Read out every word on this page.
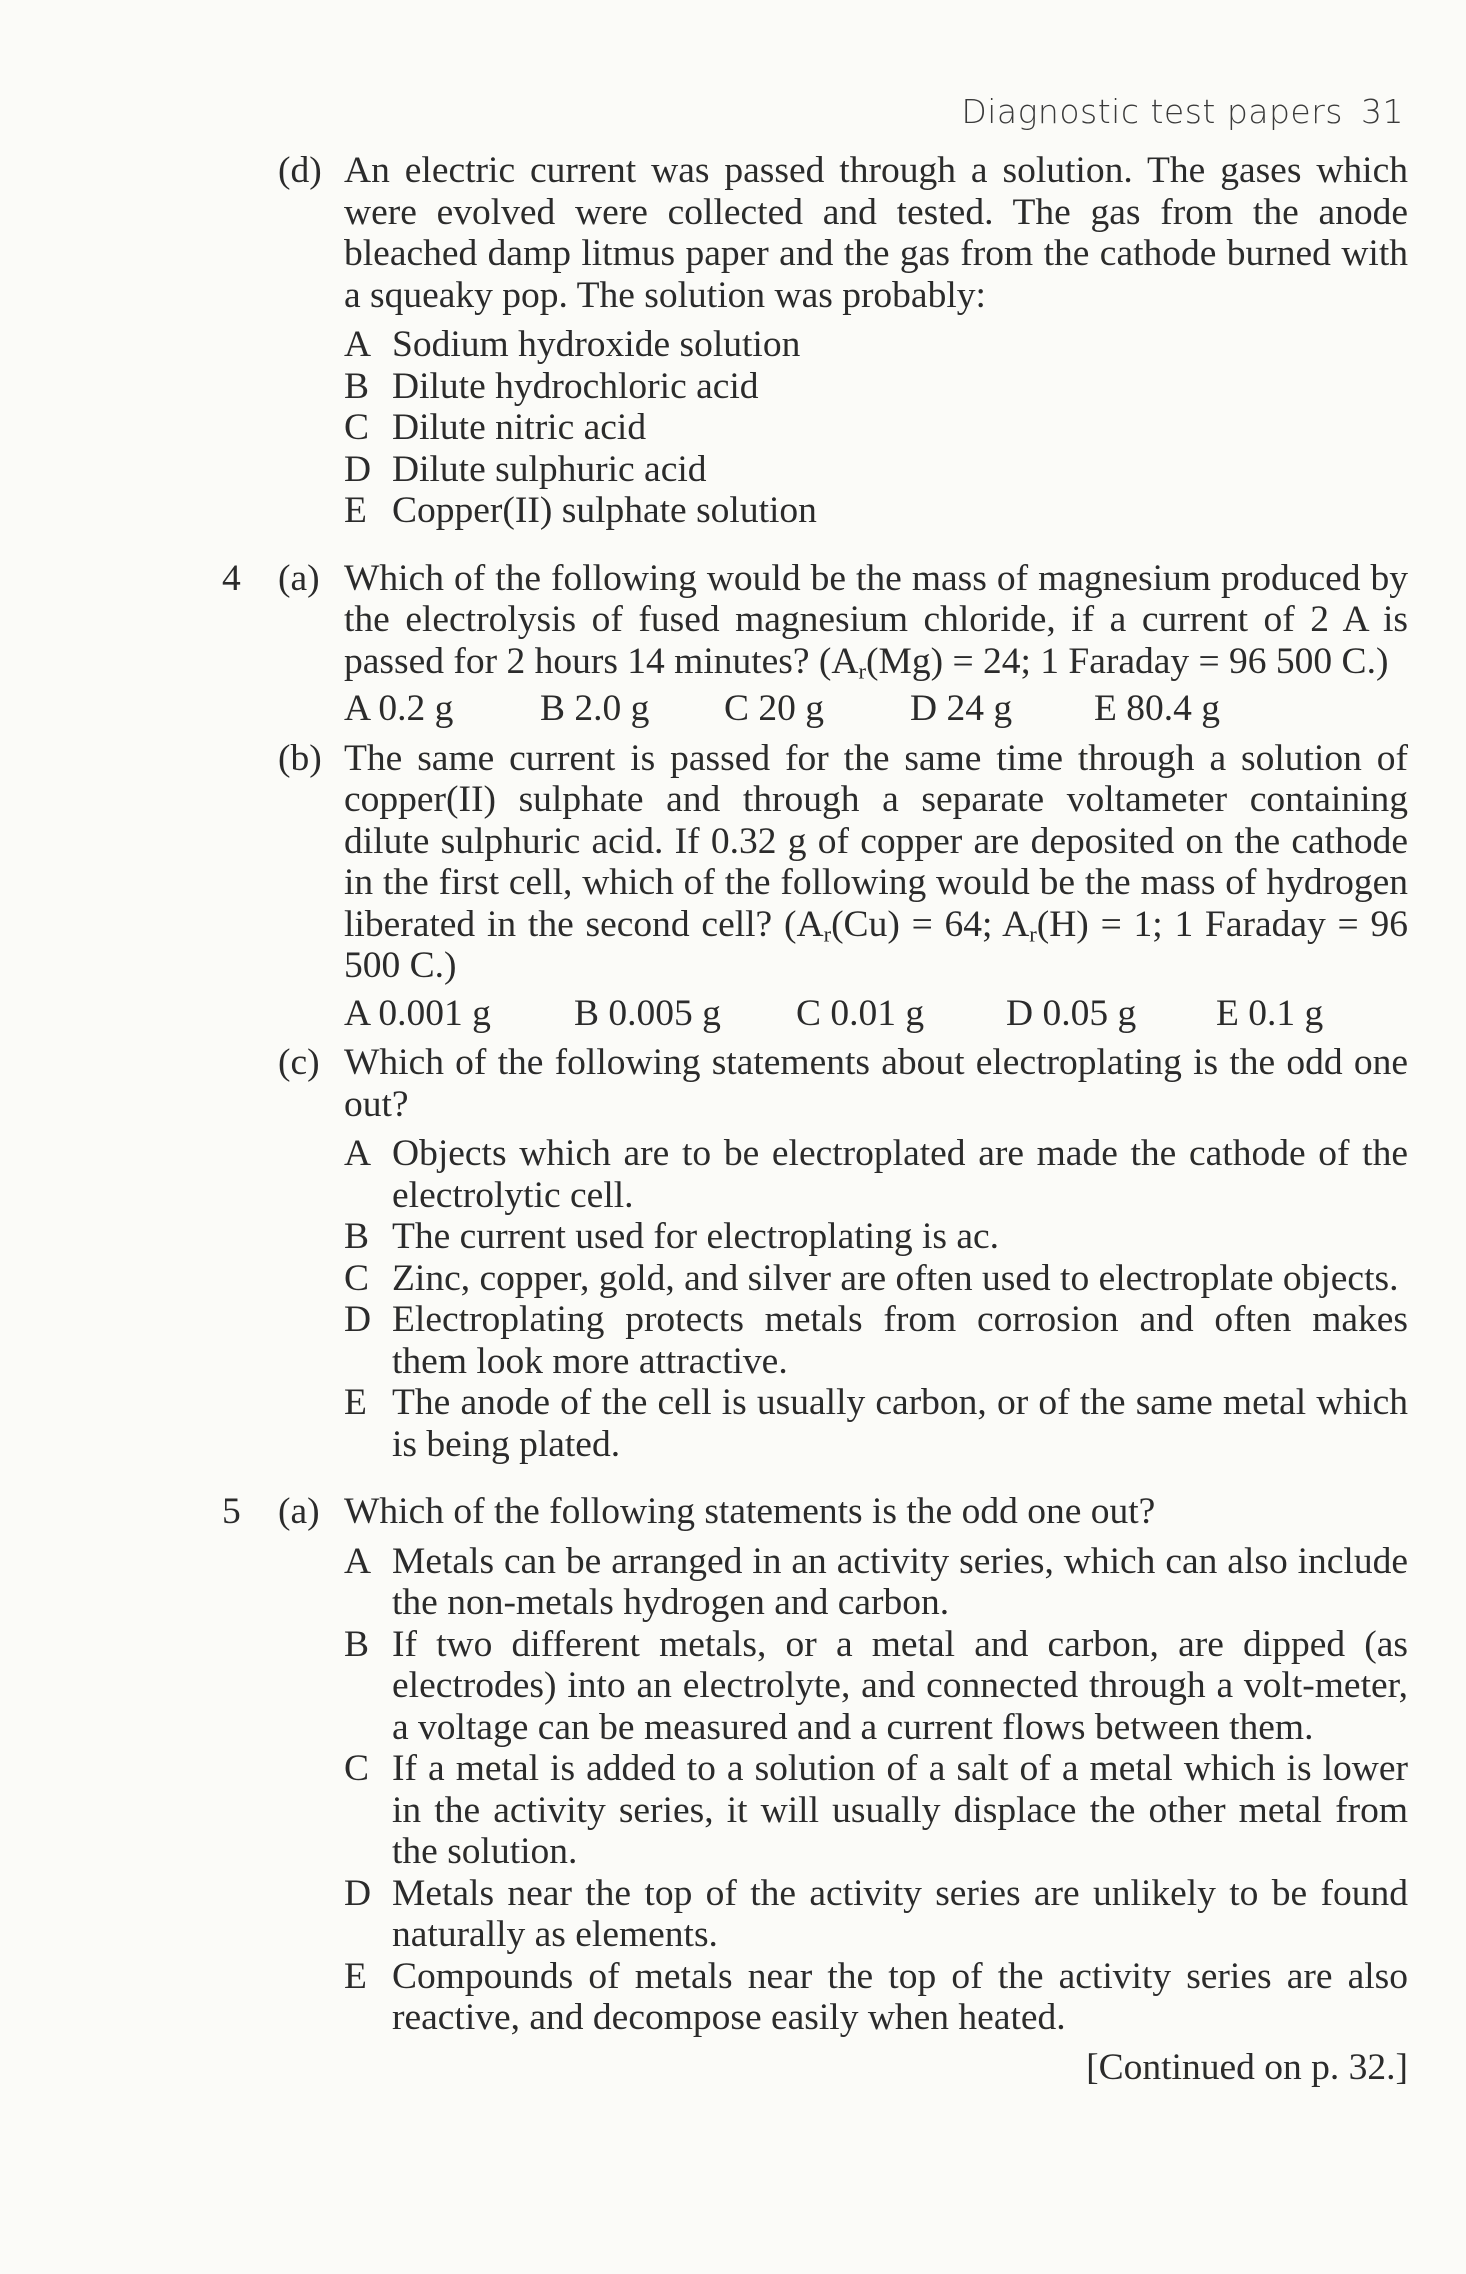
Diagnostic test papers 31
(d) An electric current was passed through a solution. The gases which were evolved were collected and tested. The gas from the anode bleached damp litmus paper and the gas from the cathode burned with a squeaky pop. The solution was probably:
A Sodium hydroxide solution
B Dilute hydrochloric acid
C Dilute nitric acid
D Dilute sulphuric acid
E Copper(II) sulphate solution
4 (a) Which of the following would be the mass of magnesium produced by the electrolysis of fused magnesium chloride, if a current of 2 A is passed for 2 hours 14 minutes? ($A_r(Mg) = 24$; 1 Faraday = 96 500 C.)
A 0.2 g	B 2.0 g	C 20 g	D 24 g	E 80.4 g
(b) The same current is passed for the same time through a solution of copper(II) sulphate and through a separate voltameter containing dilute sulphuric acid. If 0.32 g of copper are deposited on the cathode in the first cell, which of the following would be the mass of hydrogen liberated in the second cell? ($A_r(Cu) = 64$; $A_r(H) = 1$; 1 Faraday = 96 500 C.)
A 0.001 g	B 0.005 g	C 0.01 g	D 0.05 g	E 0.1 g
(c) Which of the following statements about electroplating is the odd one out?
A Objects which are to be electroplated are made the cathode of the electrolytic cell.
B The current used for electroplating is ac.
C Zinc, copper, gold, and silver are often used to electroplate objects.
D Electroplating protects metals from corrosion and often makes them look more attractive.
E The anode of the cell is usually carbon, or of the same metal which is being plated.
5 (a) Which of the following statements is the odd one out?
A Metals can be arranged in an activity series, which can also include the non-metals hydrogen and carbon.
B If two different metals, or a metal and carbon, are dipped (as electrodes) into an electrolyte, and connected through a volt-meter, a voltage can be measured and a current flows between them.
C If a metal is added to a solution of a salt of a metal which is lower in the activity series, it will usually displace the other metal from the solution.
D Metals near the top of the activity series are unlikely to be found naturally as elements.
E Compounds of metals near the top of the activity series are also reactive, and decompose easily when heated.
[Continued on p. 32.]
